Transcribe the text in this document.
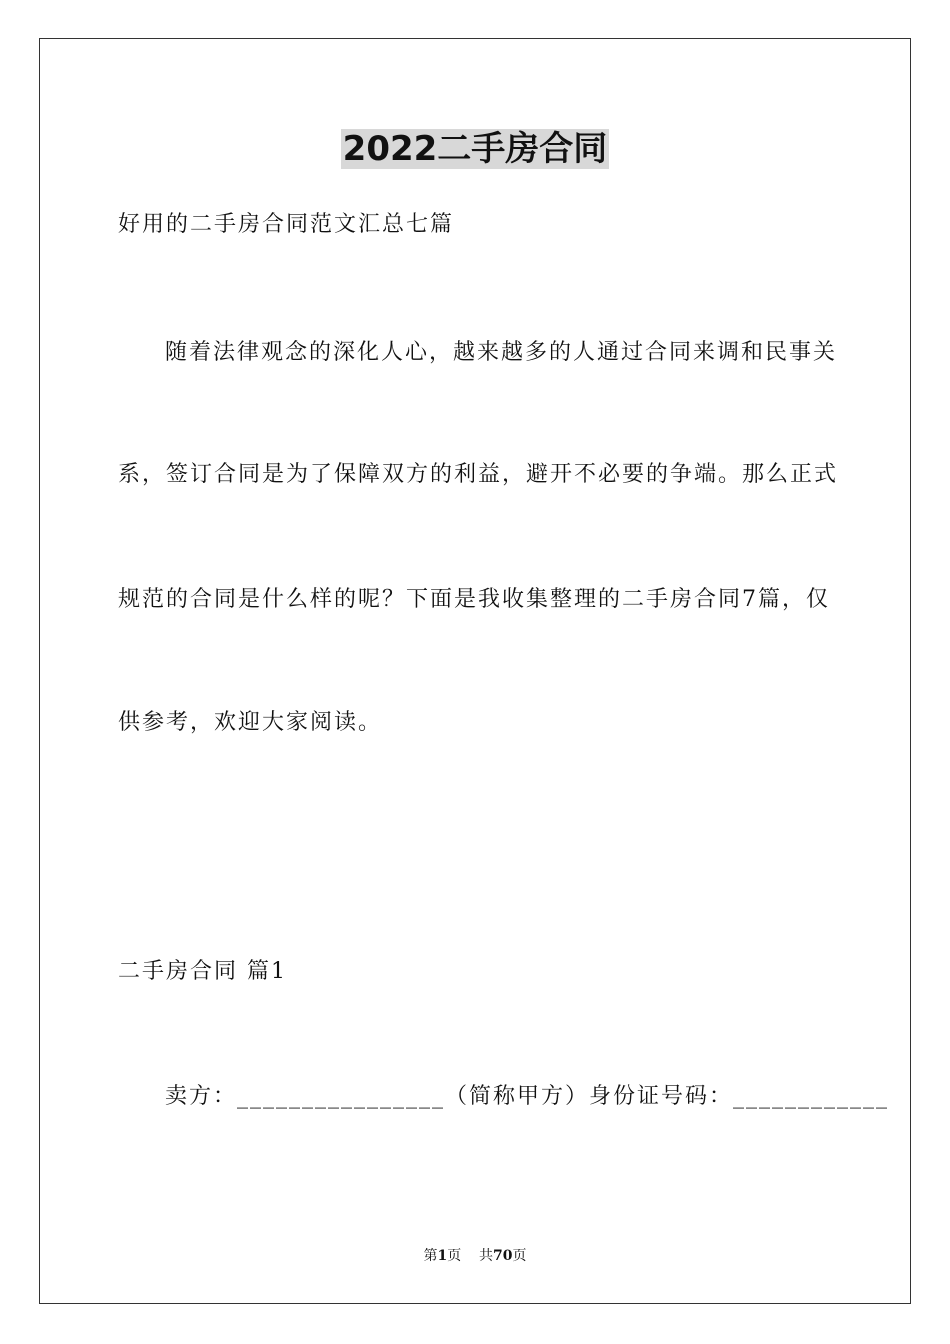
2022二手房合同
好用的二手房合同范文汇总七篇
随着法律观念的深化人心，越来越多的人通过合同来调和民事关
系，签订合同是为了保障双方的利益，避开不必要的争端。那么正式
规范的合同是什么样的呢？下面是我收集整理的二手房合同7篇，仅
供参考，欢迎大家阅读。
二手房合同 篇1
卖方：________________（简称甲方）身份证号码：____________
第1页 共70页
